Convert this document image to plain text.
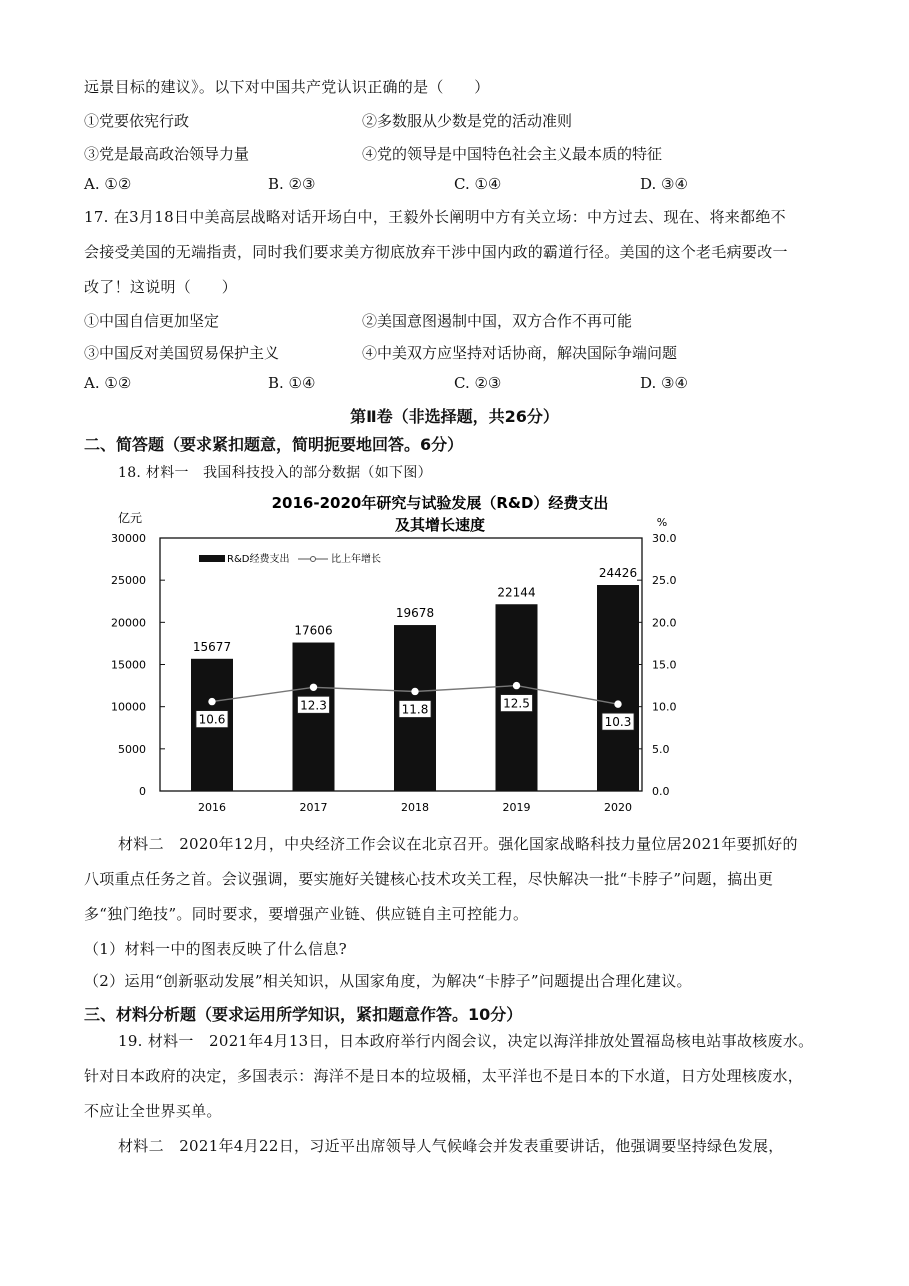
远景目标的建议》。以下对中国共产党认识正确的是（　　）
①党要依宪行政	②多数服从少数是党的活动准则
③党是最高政治领导力量	④党的领导是中国特色社会主义最本质的特征
A. ①②	B. ②③	C. ①④	D. ③④
17. 在3月18日中美高层战略对话开场白中，王毅外长阐明中方有关立场：中方过去、现在、将来都绝不
会接受美国的无端指责，同时我们要求美方彻底放弃干涉中国内政的霸道行径。美国的这个老毛病要改一
改了！这说明（　　）
①中国自信更加坚定	②美国意图遏制中国，双方合作不再可能
③中国反对美国贸易保护主义	④中美双方应坚持对话协商，解决国际争端问题
A. ①②	B. ①④	C. ②③	D. ③④
第Ⅱ卷（非选择题，共26分）
二、简答题（要求紧扣题意，简明扼要地回答。6分）
18. 材料一　我国科技投入的部分数据（如下图）
2016-2020年研究与试验发展（R&D）经费支出
及其增长速度
亿元	%
R&D经费支出	比上年增长
30000
25000
20000
15000
10000
5000
0
30.0
25.0
20.0
15.0
10.0
5.0
0.0
15677
2016
17606
2017
19678
2018
22144
2019
24426
2020
10.6
12.3	11.8	12.5
10.3
材料二　2020年12月，中央经济工作会议在北京召开。强化国家战略科技力量位居2021年要抓好的
八项重点任务之首。会议强调，要实施好关键核心技术攻关工程，尽快解决一批“卡脖子”问题，搞出更
多“独门绝技”。同时要求，要增强产业链、供应链自主可控能力。
（1）材料一中的图表反映了什么信息?
（2）运用“创新驱动发展”相关知识，从国家角度，为解决“卡脖子”问题提出合理化建议。
三、材料分析题（要求运用所学知识，紧扣题意作答。10分）
19. 材料一　2021年4月13日，日本政府举行内阁会议，决定以海洋排放处置福岛核电站事故核废水。
针对日本政府的决定，多国表示：海洋不是日本的垃圾桶，太平洋也不是日本的下水道，日方处理核废水，
不应让全世界买单。
材料二　2021年4月22日，习近平出席领导人气候峰会并发表重要讲话，他强调要坚持绿色发展，
